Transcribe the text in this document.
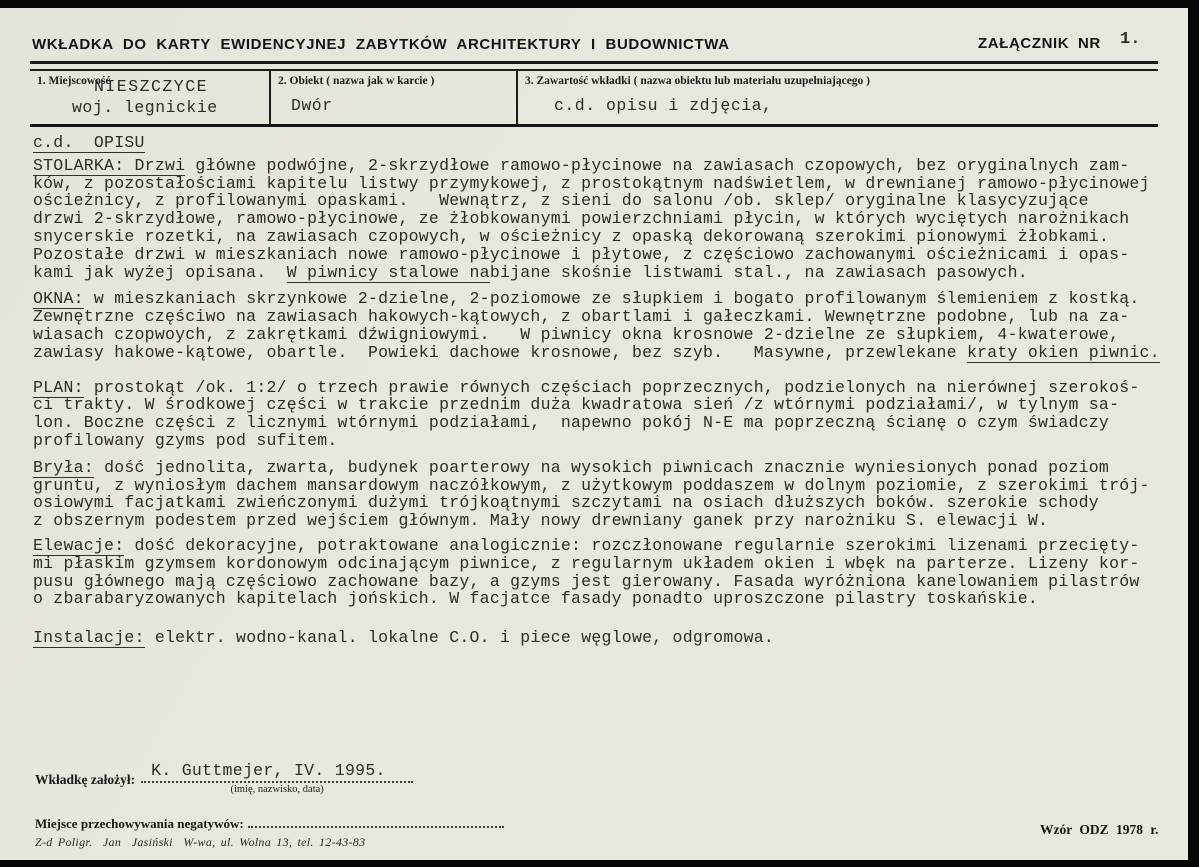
WKŁADKA DO KARTY EWIDENCYJNEJ ZABYTKÓW ARCHITEKTURY I BUDOWNICTWA	ZAŁĄCZNIK NR 1.
1. Miejscowość
NIESZCZYCE
woj. legnickie
2. Obiekt ( nazwa jak w karcie )
Dwór
3. Zawartość wkładki ( nazwa obiektu lub materiału uzupełniającego )
c.d. opisu i zdjęcia,
c.d.  OPISU
STOLARKA: Drzwi główne podwójne, 2-skrzydłowe ramowo-płycinowe na zawiasach czopowych, bez oryginalnych zam-
ków, z pozostałościami kapitelu listwy przymykowej, z prostokątnym nadświetlem, w drewnianej ramowo-płycinowej
ościeżnicy, z profilowanymi opaskami.   Wewnątrz, z sieni do salonu /ob. sklep/ oryginalne klasycyzujące
drzwi 2-skrzydłowe, ramowo-płycinowe, ze żłobkowanymi powierzchniami płycin, w których wyciętych narożnikach
snycerskie rozetki, na zawiasach czopowych, w ościeżnicy z opaską dekorowaną szerokimi pionowymi żłobkami.
Pozostałe drzwi w mieszkaniach nowe ramowo-płycinowe i płytowe, z częściowo zachowanymi ościeżnicami i opas-
kami jak wyżej opisana.  W piwnicy stalowe nabijane skośnie listwami stal., na zawiasach pasowych.
OKNA: w mieszkaniach skrzynkowe 2-dzielne, 2-poziomowe ze słupkiem i bogato profilowanym ślemieniem z kostką.
Zewnętrzne częściwo na zawiasach hakowych-kątowych, z obartlami i gałeczkami. Wewnętrzne podobne, lub na za-
wiasach czopwoych, z zakrętkami dźwigniowymi.   W piwnicy okna krosnowe 2-dzielne ze słupkiem, 4-kwaterowe,
zawiasy hakowe-kątowe, obartle.  Powieki dachowe krosnowe, bez szyb.   Masywne, przewlekane kraty okien piwnic.
PLAN: prostokąt /ok. 1:2/ o trzech prawie równych częściach poprzecznych, podzielonych na nierównej szerokoś-
ci trakty. W środkowej części w trakcie przednim duża kwadratowa sień /z wtórnymi podziałami/, w tylnym sa-
lon. Boczne części z licznymi wtórnymi podziałami,  napewno pokój N-E ma poprzeczną ścianę o czym świadczy
profilowany gzyms pod sufitem.
Bryła: dość jednolita, zwarta, budynek poarterowy na wysokich piwnicach znacznie wyniesionych ponad poziom
gruntu, z wyniosłym dachem mansardowym naczółkowym, z użytkowym poddaszem w dolnym poziomie, z szerokimi trój-
osiowymi facjatkami zwieńczonymi dużymi trójkoątnymi szczytami na osiach dłuższych boków. szerokie schody
z obszernym podestem przed wejściem głównym. Mały nowy drewniany ganek przy narożniku S. elewacji W.
Elewacje: dość dekoracyjne, potraktowane analogicznie: rozczłonowane regularnie szerokimi lizenami przecięty-
mi płaskim gzymsem kordonowym odcinającym piwnice, z regularnym układem okien i wbęk na parterze. Lizeny kor-
pusu głównego mają częściowo zachowane bazy, a gzyms jest gierowany. Fasada wyróżniona kanelowaniem pilastrów
o zbarabaryzowanych kapitelach jońskich. W facjatce fasady ponadto uproszczone pilastry toskańskie.
Instalacje: elektr. wodno-kanal. lokalne C.O. i piece węglowe, odgromowa.
$^{Wkładkę założył:}$ K. Guttmejer, IV. 1995.
(imię, nazwisko, data)
Miejsce przechowywania negatywów:
Z-d Poligr.  Jan  Jasiński  W-wa, ul. Wolna 13, tel. 12-43-83
Wzór ODZ 1978 r.
